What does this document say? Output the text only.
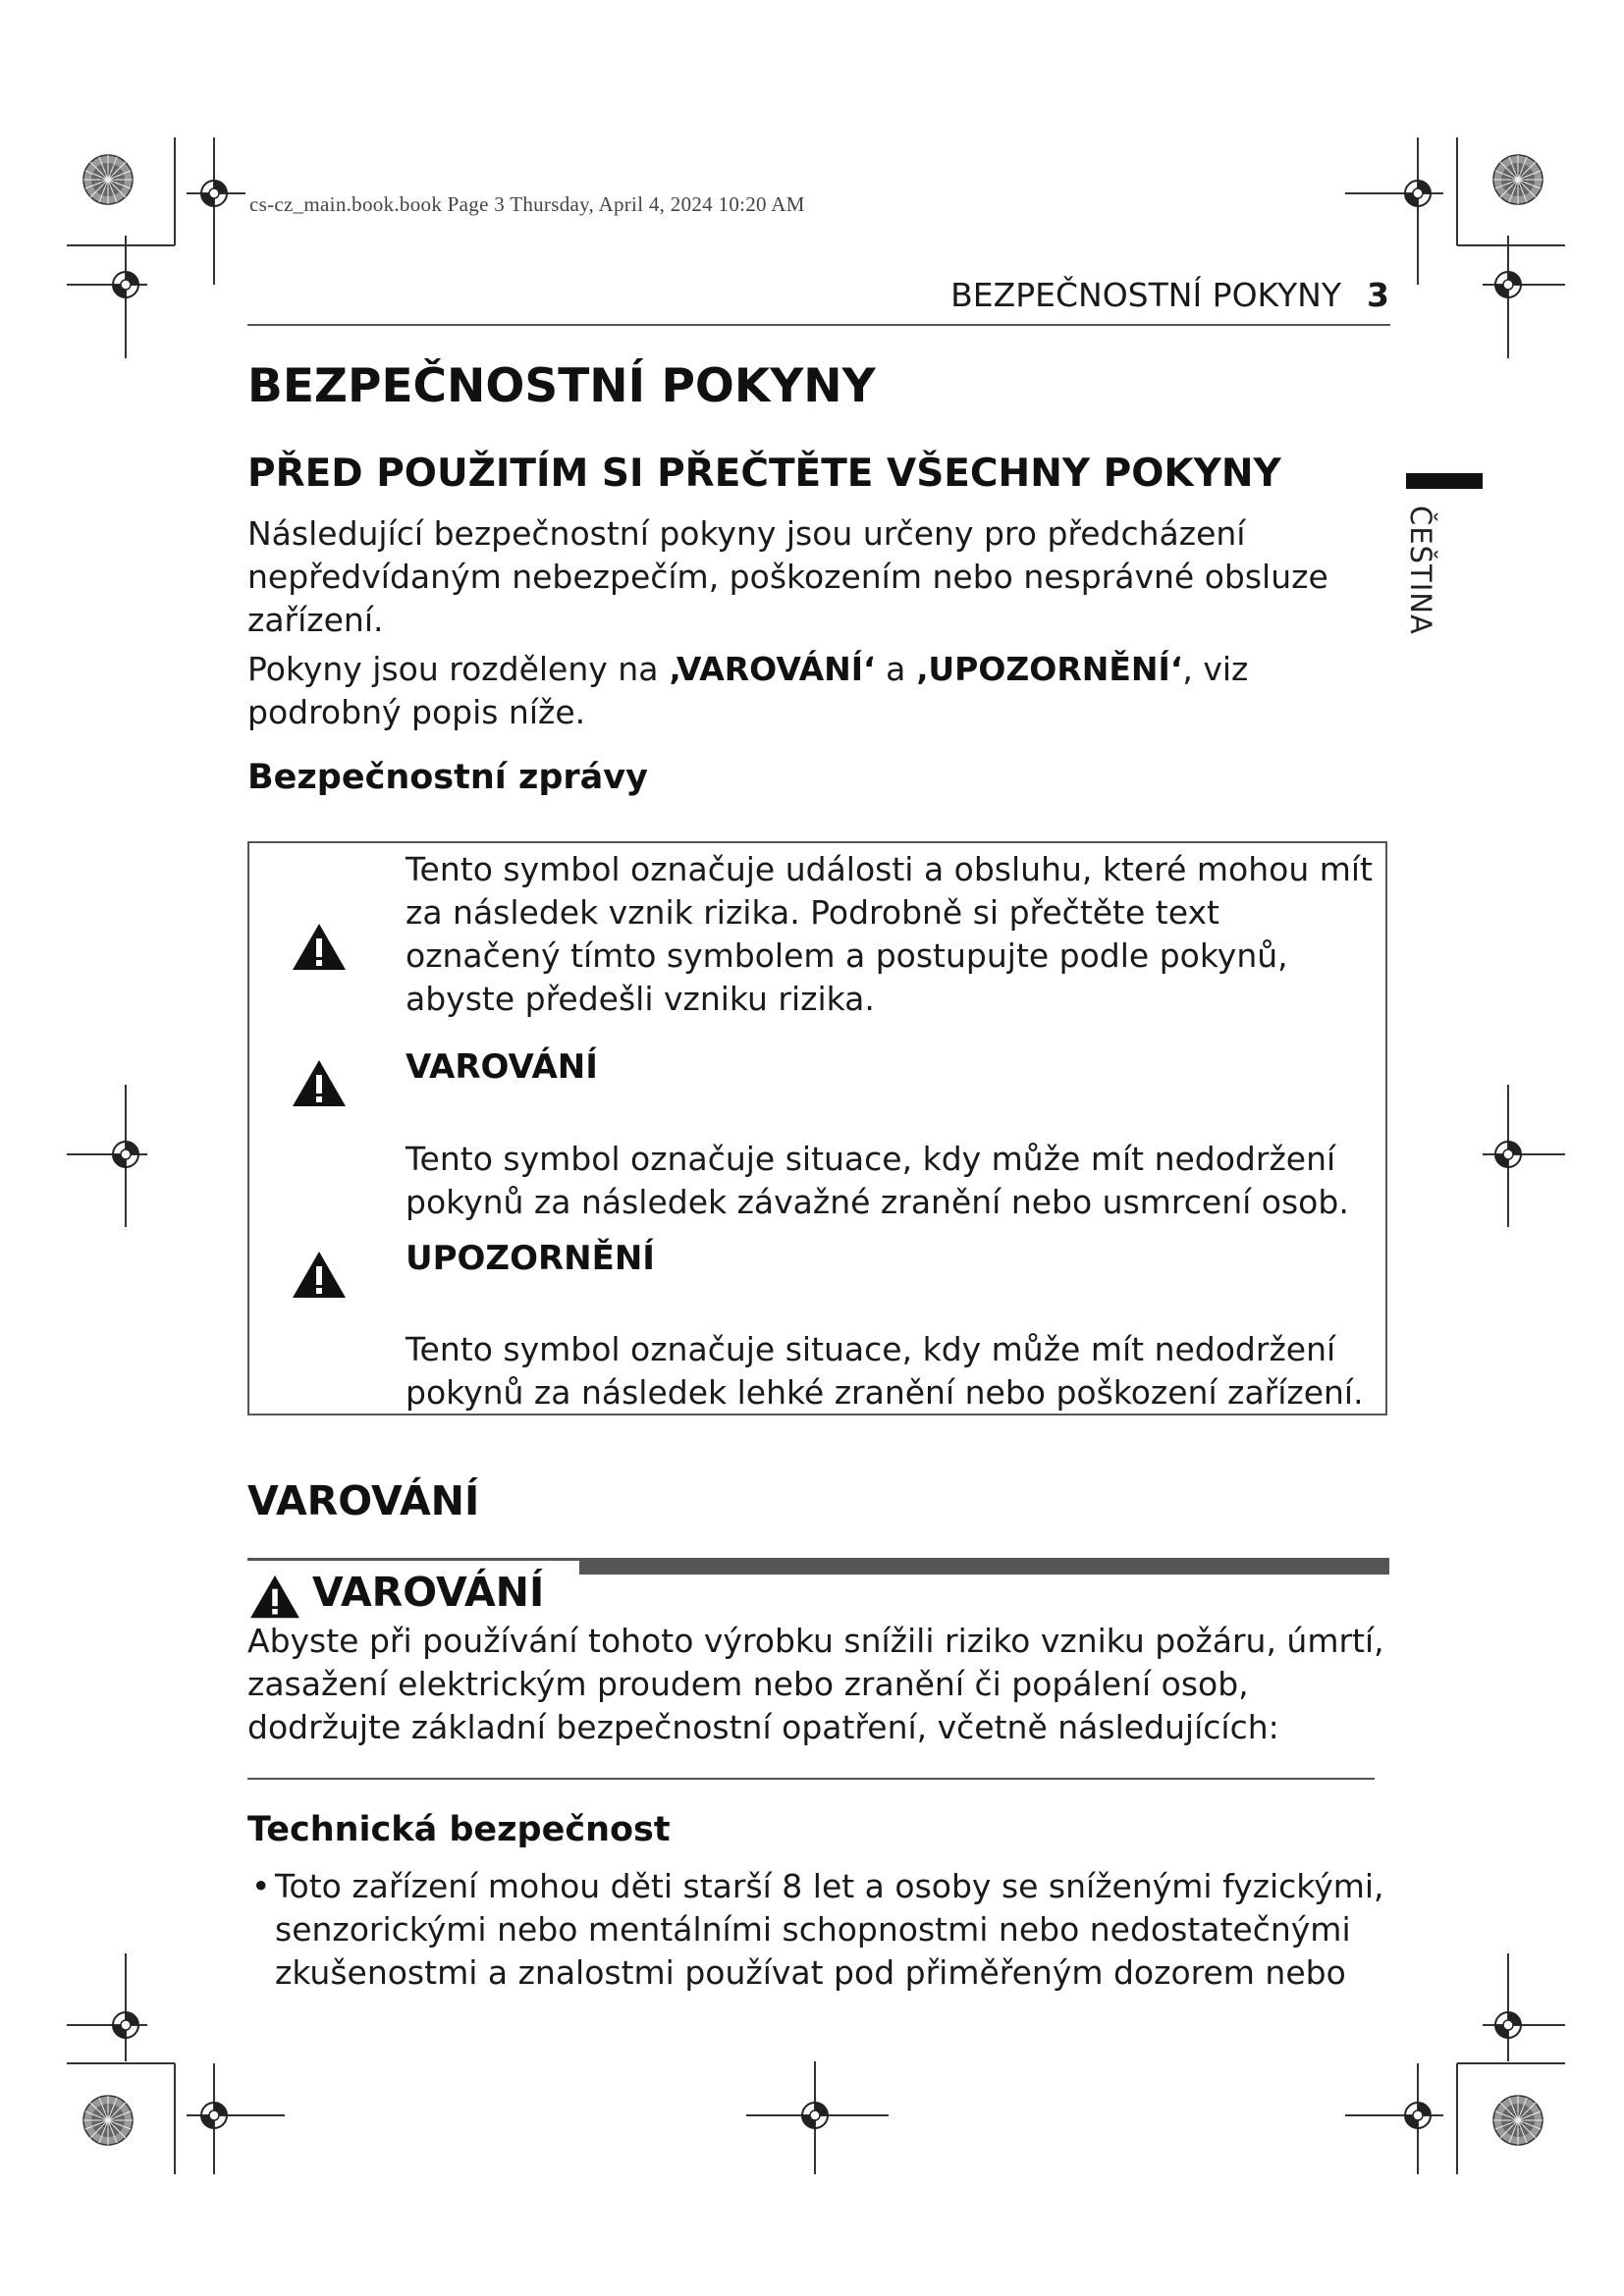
cs-cz_main.book.book Page 3 Thursday, April 4, 2024 10:20 AM
BEZPEČNOSTNÍ POKYNY 3
ČEŠTINA
BEZPEČNOSTNÍ POKYNY
PŘED POUŽITÍM SI PŘEČTĚTE VŠECHNY POKYNY
Následující bezpečnostní pokyny jsou určeny pro předcházení nepředvídaným nebezpečím, poškozením nebo nesprávné obsluze zařízení.
Pokyny jsou rozděleny na ‚VAROVÁNÍ‘ a ‚UPOZORNĚNÍ‘, viz podrobný popis níže.
Bezpečnostní zprávy
Tento symbol označuje události a obsluhu, které mohou mít za následek vznik rizika. Podrobně si přečtěte text označený tímto symbolem a postupujte podle pokynů, abyste předešli vzniku rizika.
VAROVÁNÍ
Tento symbol označuje situace, kdy může mít nedodržení pokynů za následek závažné zranění nebo usmrcení osob.
UPOZORNĚNÍ
Tento symbol označuje situace, kdy může mít nedodržení pokynů za následek lehké zranění nebo poškození zařízení.
VAROVÁNÍ
VAROVÁNÍ
Abyste při používání tohoto výrobku snížili riziko vzniku požáru, úmrtí, zasažení elektrickým proudem nebo zranění či popálení osob, dodržujte základní bezpečnostní opatření, včetně následujících:
Technická bezpečnost
• Toto zařízení mohou děti starší 8 let a osoby se sníženými fyzickými, senzorickými nebo mentálními schopnostmi nebo nedostatečnými zkušenostmi a znalostmi používat pod přiměřeným dozorem nebo
